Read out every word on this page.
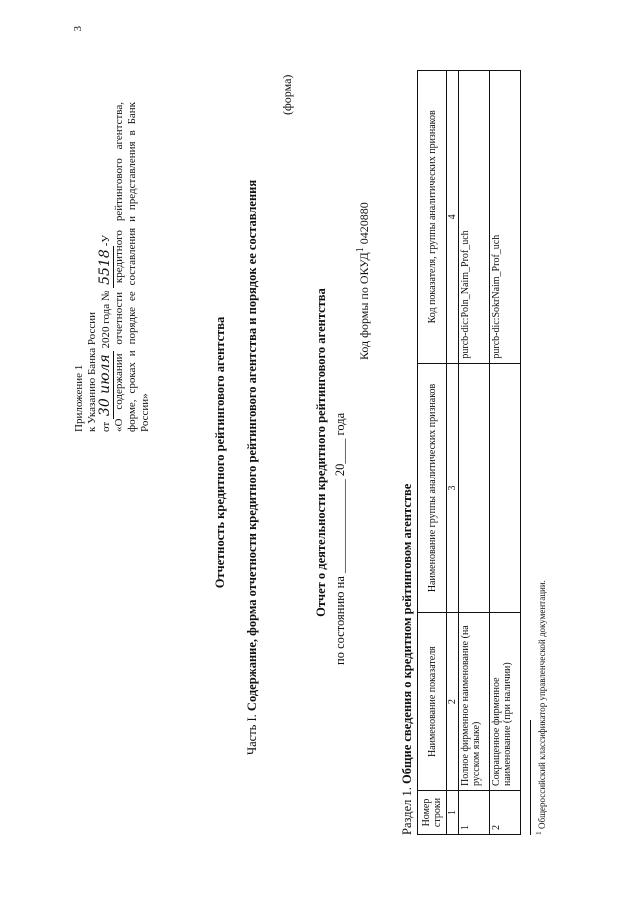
3
Приложение 1 к Указанию Банка России от 30 июля 2020 года № 5518-У «О содержании отчетности кредитного рейтингового агентства, форме, сроках и порядке ее составления и представления в Банк России»	Отчетность кредитного рейтингового агентства
Часть I. Содержание, форма отчетности кредитного рейтингового агентства и порядок ее составления
(форма)
Отчет о деятельности кредитного рейтингового агентства
по состоянию на _______________ 20____ года
Код формы по ОКУД$^1$ 0420880
Раздел 1. Общие сведения о кредитном рейтинговом агентстве
Номер строки	Наименование показателя	Наименование группы аналитических признаков	Код показателя, группы аналитических признаков
1	2	3	4
1	Полное фирменное наименование (на русском языке)		purcb-dic:Poln_Naim_Prof_uch
2	Сокращенное фирменное наименование (при наличии)		purcb-dic:SokrNaim_Prof_uch
$^1$ Общероссийский классификатор управленческой документации.
